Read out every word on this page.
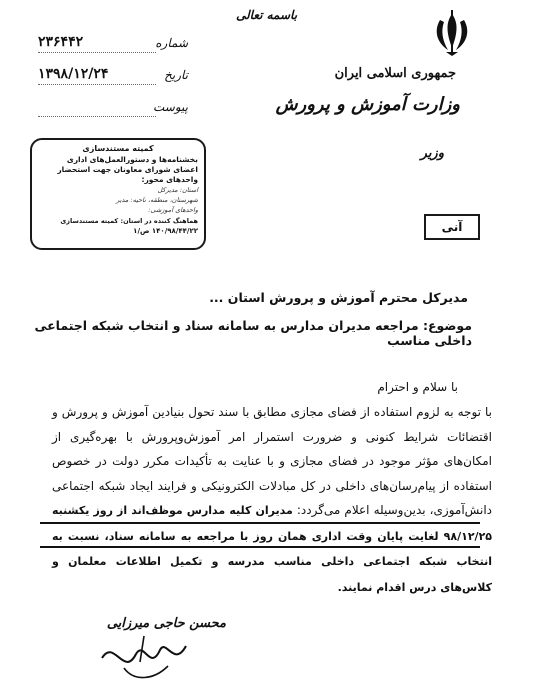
جمهوری اسلامی ایران
وزارت آموزش و پرورش
وزیر
باسمه تعالی
شماره
۲۳۶۴۴۲
تاریخ
۱۳۹۸/۱۲/۲۴
پیوست
کمیته مستندسازی
بخشنامه‌ها و دستورالعمل‌های اداری
اعضای شورای معاونان جهت استحضار
واحدهای محور:
استان: مدیرکل
شهرستان، منطقه، ناحیه: مدیر
واحدهای آموزشی:
هماهنگ کننده در استان: کمیته مستندسازی
۱۴۰/۹۸/۴۴/۲۲ ص/۱	آنی
مدیرکل محترم آموزش و پرورش استان ...
موضوع: مراجعه مدیران مدارس به سامانه سناد و انتخاب شبکه اجتماعی داخلی مناسب
با سلام و احترام
با توجه به لزوم استفاده از فضای مجازی مطابق با سند تحول بنیادین آموزش و پرورش و اقتضائات شرایط کنونی و ضرورت استمرار امر آموزش‌وپرورش با بهره‌گیری از امکان‌های مؤثر موجود در فضای مجازی و با عنایت به تأکیدات مکرر دولت در خصوص استفاده از پیام‌رسان‌های داخلی در کل مبادلات الکترونیکی و فرایند ایجاد شبکه اجتماعی دانش‌آموزی، بدین‌وسیله اعلام می‌گردد: مدیران کلیه مدارس موظف‌اند از روز یکشنبه ۹۸/۱۲/۲۵ لغایت پایان وقت اداری همان روز با مراجعه به سامانه سناد، نسبت به انتخاب شبکه اجتماعی داخلی مناسب مدرسه و تکمیل اطلاعات معلمان و کلاس‌های درس اقدام نمایند.
محسن حاجی میرزایی
